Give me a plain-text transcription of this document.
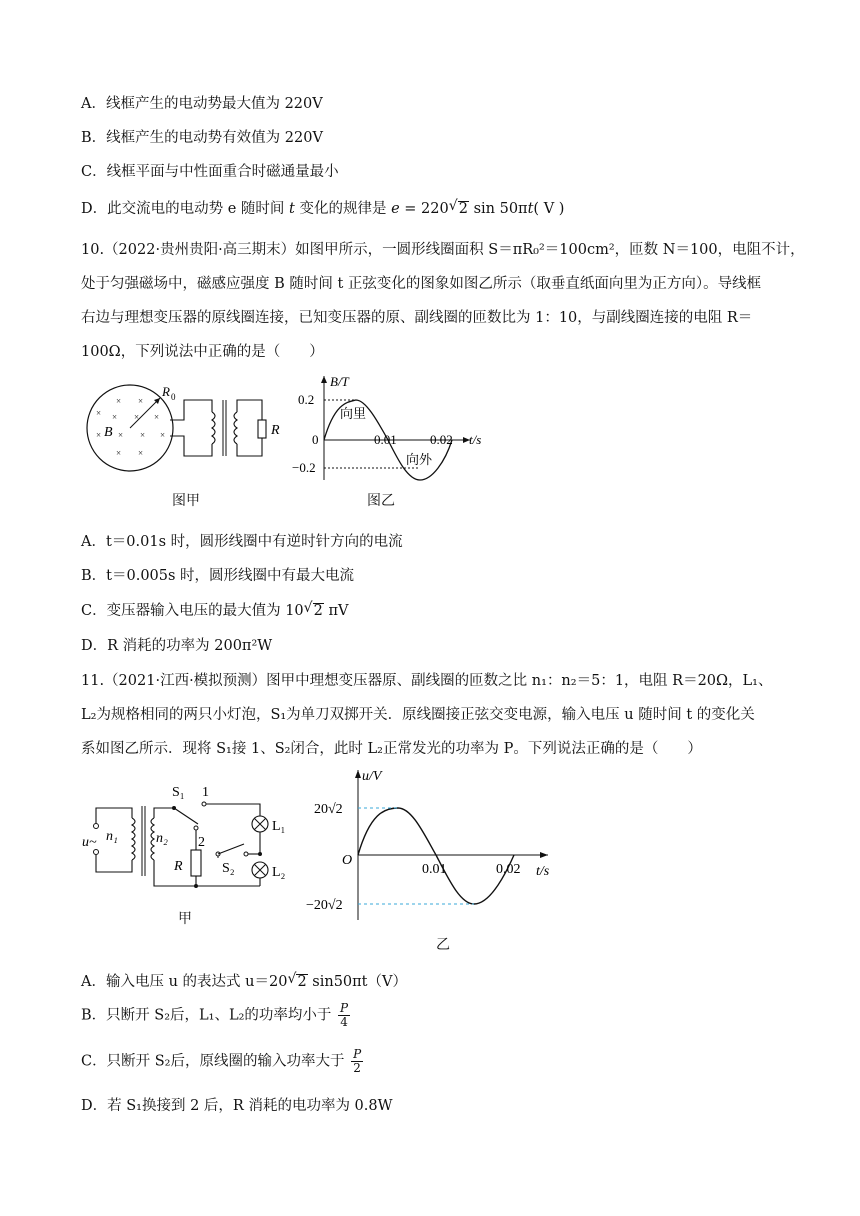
A．线框产生的电动势最大值为 220V
B．线框产生的电动势有效值为 220V
C．线框平面与中性面重合时磁通量最小
D．此交流电的电动势 e 随时间 t 变化的规律是 e = 220 √ 2 sin 50πt( V )
10.（2022·贵州贵阳·高三期末）如图甲所示，一圆形线圈面积 S＝πR₀²＝100cm²，匝数 N＝100，电阻不计，
处于匀强磁场中，磁感应强度 B 随时间 t 正弦变化的图象如图乙所示（取垂直纸面向里为正方向）。导线框
右边与理想变压器的原线圈连接，已知变压器的原、副线圈的匝数比为 1：10，与副线圈连接的电阻 R＝
100Ω，下列说法中正确的是（　　）
×
× ×
× × ×
× × × ×
× ×
R 0
B	R
图甲
B/T
0.2
−0.2
0	0.01	0.02 t/s
向里
向外
图乙
A．t＝0.01s 时，圆形线圈中有逆时针方向的电流
B．t＝0.005s 时，圆形线圈中有最大电流
C．变压器输入电压的最大值为 10 √ 2 πV
D．R 消耗的功率为 200π²W
11.（2021·江西·模拟预测）图甲中理想变压器原、副线圈的匝数之比 n₁：n₂＝5：1，电阻 R＝20Ω，L₁、
L₂为规格相同的两只小灯泡，S₁为单刀双掷开关．原线圈接正弦交变电源，输入电压 u 随时间 t 的变化关
系如图乙所示．现将 S₁接 1、S₂闭合，此时 L₂正常发光的功率为 P。下列说法正确的是（　　）
u~ n₁	n₂
S₁ 1
2
R
L₁
L₂
S₂
甲
u/V
20√2
−20√2
O
0.01	0.02 t/s
乙
A．输入电压 u 的表达式 u＝20 √ 2 sin50πt（V）
B．只断开 S₂后，L₁、L₂的功率均小于 $\frac{P}{4}$
C．只断开 S₂后，原线圈的输入功率大于 $\frac{P}{2}$
D．若 S₁换接到 2 后，R 消耗的电功率为 0.8W
